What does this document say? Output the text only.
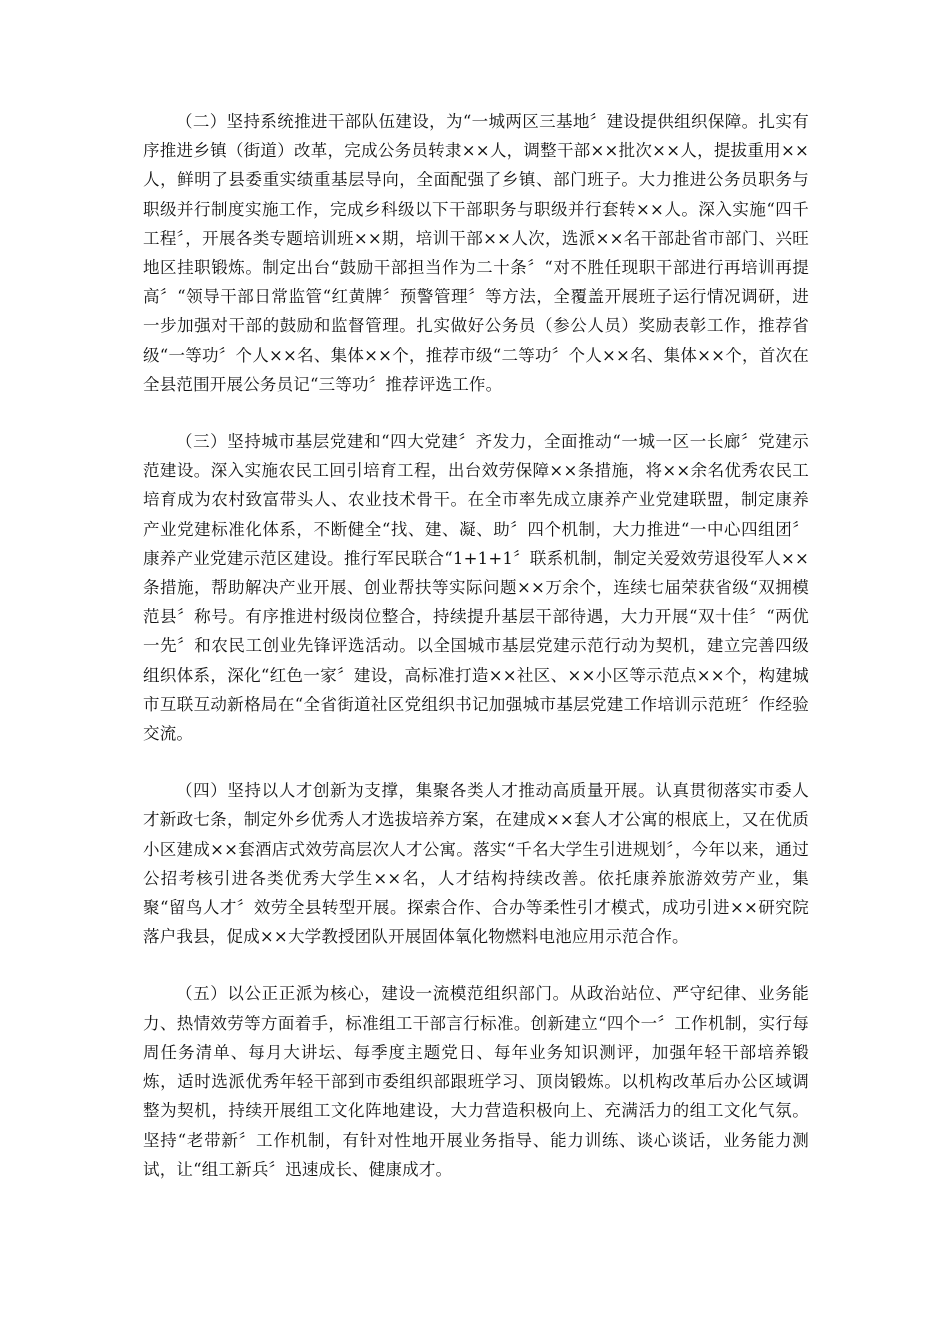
（二）坚持系统推进干部队伍建设，为“一城两区三基地〞建设提供组织保障。扎实有序推进乡镇（街道）改革，完成公务员转隶××人，调整干部××批次××人，提拔重用××人，鲜明了县委重实绩重基层导向，全面配强了乡镇、部门班子。大力推进公务员职务与职级并行制度实施工作，完成乡科级以下干部职务与职级并行套转××人。深入实施“四千工程〞，开展各类专题培训班××期，培训干部××人次，选派××名干部赴省市部门、兴旺地区挂职锻炼。制定出台“鼓励干部担当作为二十条〞“对不胜任现职干部进行再培训再提高〞“领导干部日常监管“红黄牌〞预警管理〞等方法，全覆盖开展班子运行情况调研，进一步加强对干部的鼓励和监督管理。扎实做好公务员（参公人员）奖励表彰工作，推荐省级“一等功〞个人××名、集体××个，推荐市级“二等功〞个人××名、集体××个，首次在全县范围开展公务员记“三等功〞推荐评选工作。

（三）坚持城市基层党建和“四大党建〞齐发力，全面推动“一城一区一长廊〞党建示范建设。深入实施农民工回引培育工程，出台效劳保障××条措施，将××余名优秀农民工培育成为农村致富带头人、农业技术骨干。在全市率先成立康养产业党建联盟，制定康养产业党建标准化体系，不断健全“找、建、凝、助〞四个机制，大力推进“一中心四组团〞康养产业党建示范区建设。推行军民联合“1+1+1〞联系机制，制定关爱效劳退役军人××条措施，帮助解决产业开展、创业帮扶等实际问题××万余个，连续七届荣获省级“双拥模范县〞称号。有序推进村级岗位整合，持续提升基层干部待遇，大力开展“双十佳〞“两优一先〞和农民工创业先锋评选活动。以全国城市基层党建示范行动为契机，建立完善四级组织体系，深化“红色一家〞建设，高标准打造××社区、××小区等示范点××个，构建城市互联互动新格局在“全省街道社区党组织书记加强城市基层党建工作培训示范班〞作经验交流。

（四）坚持以人才创新为支撑，集聚各类人才推动高质量开展。认真贯彻落实市委人才新政七条，制定外乡优秀人才选拔培养方案，在建成××套人才公寓的根底上，又在优质小区建成××套酒店式效劳高层次人才公寓。落实“千名大学生引进规划〞，今年以来，通过公招考核引进各类优秀大学生××名，人才结构持续改善。依托康养旅游效劳产业，集聚“留鸟人才〞效劳全县转型开展。探索合作、合办等柔性引才模式，成功引进××研究院落户我县，促成××大学教授团队开展固体氧化物燃料电池应用示范合作。

（五）以公正正派为核心，建设一流模范组织部门。从政治站位、严守纪律、业务能力、热情效劳等方面着手，标准组工干部言行标准。创新建立“四个一〞工作机制，实行每周任务清单、每月大讲坛、每季度主题党日、每年业务知识测评，加强年轻干部培养锻炼，适时选派优秀年轻干部到市委组织部跟班学习、顶岗锻炼。以机构改革后办公区域调整为契机，持续开展组工文化阵地建设，大力营造积极向上、充满活力的组工文化气氛。坚持“老带新〞工作机制，有针对性地开展业务指导、能力训练、谈心谈话，业务能力测试，让“组工新兵〞迅速成长、健康成才。
